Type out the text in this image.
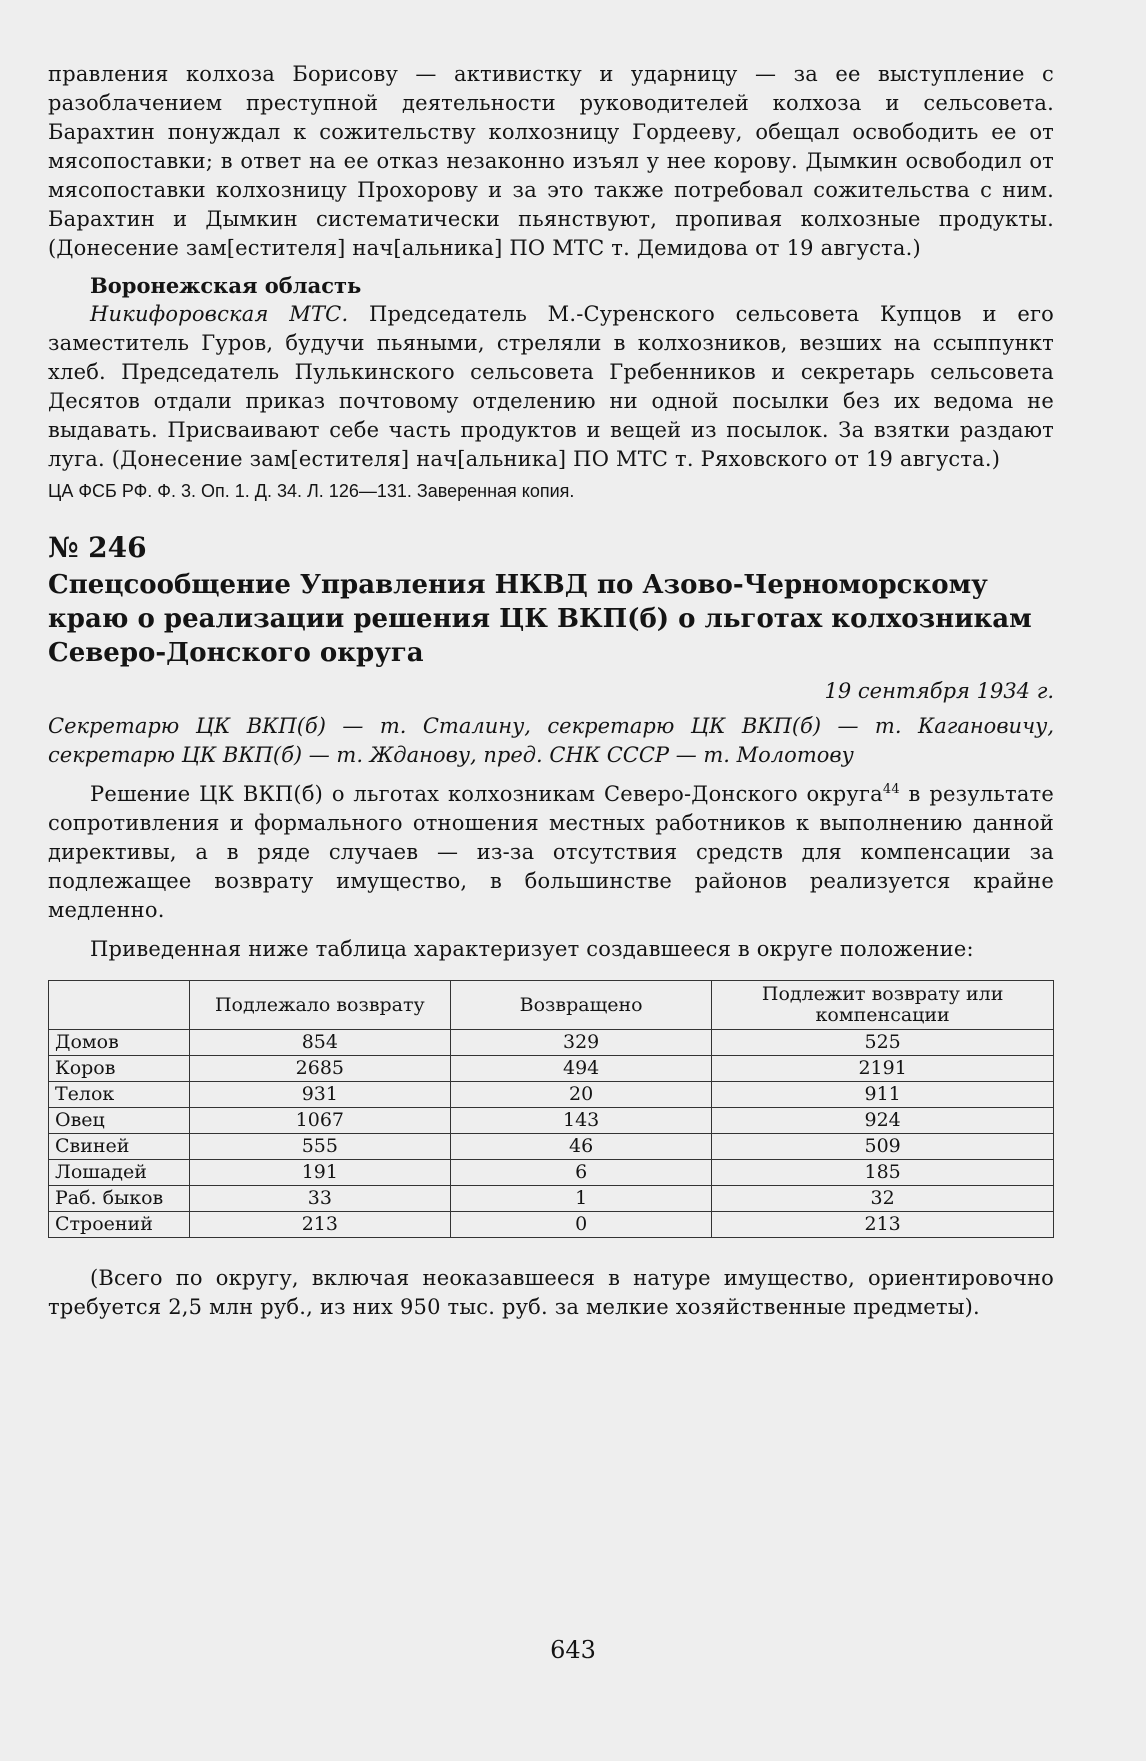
правления колхоза Борисову — активистку и ударницу — за ее выступление с разоблачением преступной деятельности руководителей колхоза и сельсовета. Барахтин понуждал к сожительству колхозницу Гордееву, обещал освободить ее от мясопоставки; в ответ на ее отказ незаконно изъял у нее корову. Дымкин освободил от мясопоставки колхозницу Прохорову и за это также потребовал сожительства с ним. Барахтин и Дымкин систематически пьянствуют, пропивая колхозные продукты. (Донесение зам[естителя] нач[альника] ПО МТС т. Демидова от 19 августа.)

Воронежская область

Никифоровская МТС. Председатель М.-Суренского сельсовета Купцов и его заместитель Гуров, будучи пьяными, стреляли в колхозников, везших на ссыппункт хлеб. Председатель Пулькинского сельсовета Гребенников и секретарь сельсовета Десятов отдали приказ почтовому отделению ни одной посылки без их ведома не выдавать. Присваивают себе часть продуктов и вещей из посылок. За взятки раздают луга. (Донесение зам[естителя] нач[альника] ПО МТС т. Ряховского от 19 августа.)

ЦА ФСБ РФ. Ф. 3. Оп. 1. Д. 34. Л. 126—131. Заверенная копия.

№ 246

Спецсообщение Управления НКВД по Азово-Черноморскому краю о реализации решения ЦК ВКП(б) о льготах колхозникам Северо-Донского округа

19 сентября 1934 г.

Секретарю ЦК ВКП(б) — т. Сталину, секретарю ЦК ВКП(б) — т. Кагановичу, секретарю ЦК ВКП(б) — т. Жданову, пред. СНК СССР — т. Молотову

Решение ЦК ВКП(б) о льготах колхозникам Северо-Донского округа$^{44}$ в результате сопротивления и формального отношения местных работников к выполнению данной директивы, а в ряде случаев — из-за отсутствия средств для компенсации за подлежащее возврату имущество, в большинстве районов реализуется крайне медленно.

Приведенная ниже таблица характеризует создавшееся в округе положение:

	Подлежало возврату	Возвращено	Подлежит возврату или компенсации
Домов	854	329	525
Коров	2685	494	2191
Телок	931	20	911
Овец	1067	143	924
Свиней	555	46	509
Лошадей	191	6	185
Раб. быков	33	1	32
Строений	213	0	213

(Всего по округу, включая неоказавшееся в натуре имущество, ориентировочно требуется 2,5 млн руб., из них 950 тыс. руб. за мелкие хозяйственные предметы).

643
